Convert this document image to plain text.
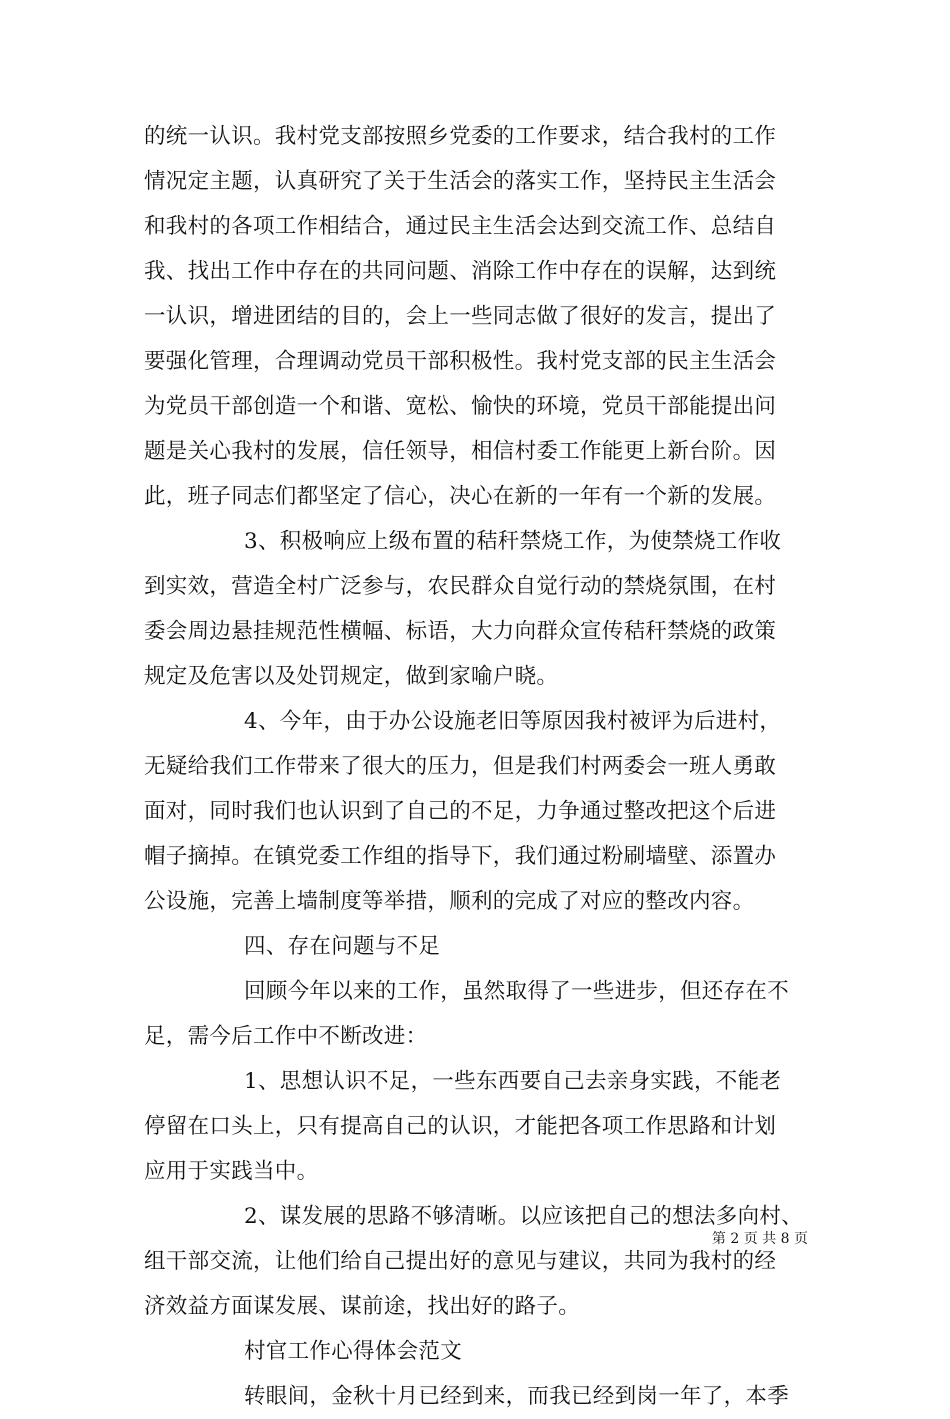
的统一认识。我村党支部按照乡党委的工作要求，结合我村的工作
情况定主题，认真研究了关于生活会的落实工作，坚持民主生活会
和我村的各项工作相结合，通过民主生活会达到交流工作、总结自
我、找出工作中存在的共同问题、消除工作中存在的误解，达到统
一认识，增进团结的目的，会上一些同志做了很好的发言，提出了
要强化管理，合理调动党员干部积极性。我村党支部的民主生活会
为党员干部创造一个和谐、宽松、愉快的环境，党员干部能提出问
题是关心我村的发展，信任领导，相信村委工作能更上新台阶。因
此，班子同志们都坚定了信心，决心在新的一年有一个新的发展。
3、积极响应上级布置的秸秆禁烧工作，为使禁烧工作收
到实效，营造全村广泛参与，农民群众自觉行动的禁烧氛围，在村
委会周边悬挂规范性横幅、标语，大力向群众宣传秸秆禁烧的政策
规定及危害以及处罚规定，做到家喻户晓。
4、今年，由于办公设施老旧等原因我村被评为后进村，
无疑给我们工作带来了很大的压力，但是我们村两委会一班人勇敢
面对，同时我们也认识到了自己的不足，力争通过整改把这个后进
帽子摘掉。在镇党委工作组的指导下，我们通过粉刷墙壁、添置办
公设施，完善上墙制度等举措，顺利的完成了对应的整改内容。
四、存在问题与不足
回顾今年以来的工作，虽然取得了一些进步，但还存在不
足，需今后工作中不断改进：
1、思想认识不足，一些东西要自己去亲身实践，不能老
停留在口头上，只有提高自己的认识，才能把各项工作思路和计划
应用于实践当中。
2、谋发展的思路不够清晰。以应该把自己的想法多向村、
组干部交流，让他们给自己提出好的意见与建议，共同为我村的经
济效益方面谋发展、谋前途，找出好的路子。
村官工作心得体会范文
转眼间，金秋十月已经到来，而我已经到岗一年了，本季
第 2 页 共 8 页
